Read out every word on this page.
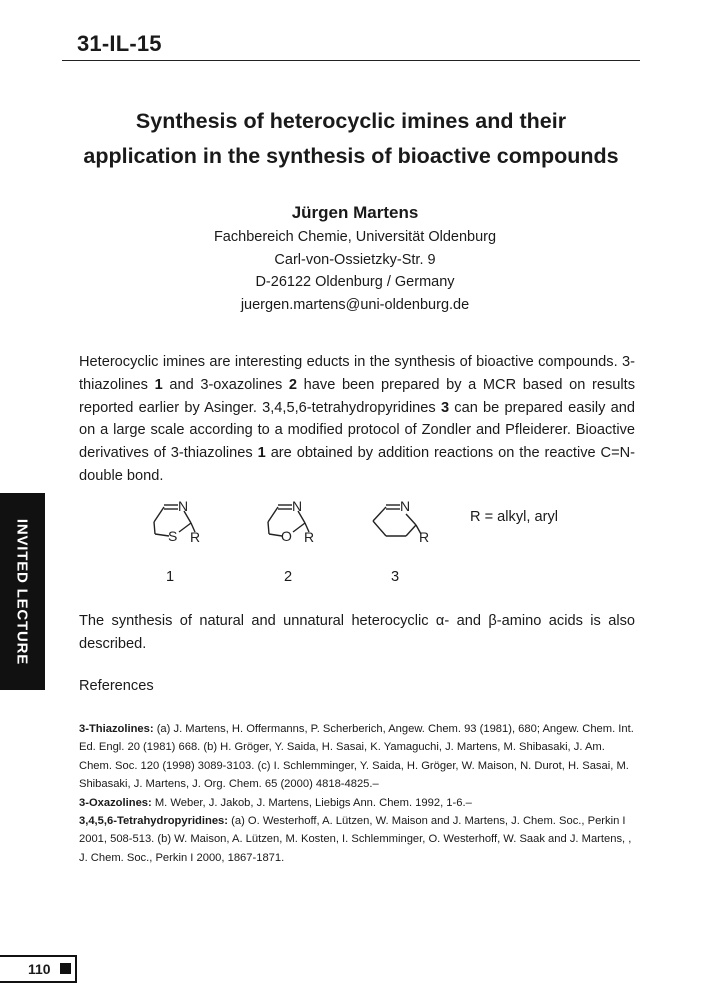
31-IL-15
Synthesis of heterocyclic imines and their
application in the synthesis of bioactive compounds
Jürgen Martens
Fachbereich Chemie, Universität Oldenburg
Carl-von-Ossietzky-Str. 9
D-26122 Oldenburg / Germany
juergen.martens@uni-oldenburg.de
Heterocyclic imines are interesting educts in the synthesis of bioactive compounds. 3-thiazolines 1 and 3-oxazolines 2 have been prepared by a MCR based on results reported earlier by Asinger. 3,4,5,6-tetrahydropyridines 3 can be prepared easily and on a large scale according to a modified protocol of Zondler and Pfleiderer. Bioactive derivatives of 3-thiazolines 1 are obtained by addition reactions on the reactive C=N-double bond.
N
S R
N
O R
N
R
R = alkyl, aryl
1	2	3
The synthesis of natural and unnatural heterocyclic α- and β-amino acids is also described.
References
3-Thiazolines: (a) J. Martens, H. Offermanns, P. Scherberich, Angew. Chem. 93 (1981), 680; Angew. Chem. Int. Ed. Engl. 20 (1981) 668. (b) H. Gröger, Y. Saida, H. Sasai, K. Yamaguchi, J. Martens, M. Shibasaki, J. Am. Chem. Soc. 120 (1998) 3089-3103. (c) I. Schlemminger, Y. Saida, H. Gröger, W. Maison, N. Durot, H. Sasai, M. Shibasaki, J. Martens, J. Org. Chem. 65 (2000) 4818-4825.–
3-Oxazolines: M. Weber, J. Jakob, J. Martens, Liebigs Ann. Chem. 1992, 1-6.–
3,4,5,6-Tetrahydropyridines: (a) O. Westerhoff, A. Lützen, W. Maison and J. Martens, J. Chem. Soc., Perkin I 2001, 508-513. (b) W. Maison, A. Lützen, M. Kosten, I. Schlemminger, O. Westerhoff, W. Saak and J. Martens, , J. Chem. Soc., Perkin I 2000, 1867-1871.
INVITED LECTURE
110
